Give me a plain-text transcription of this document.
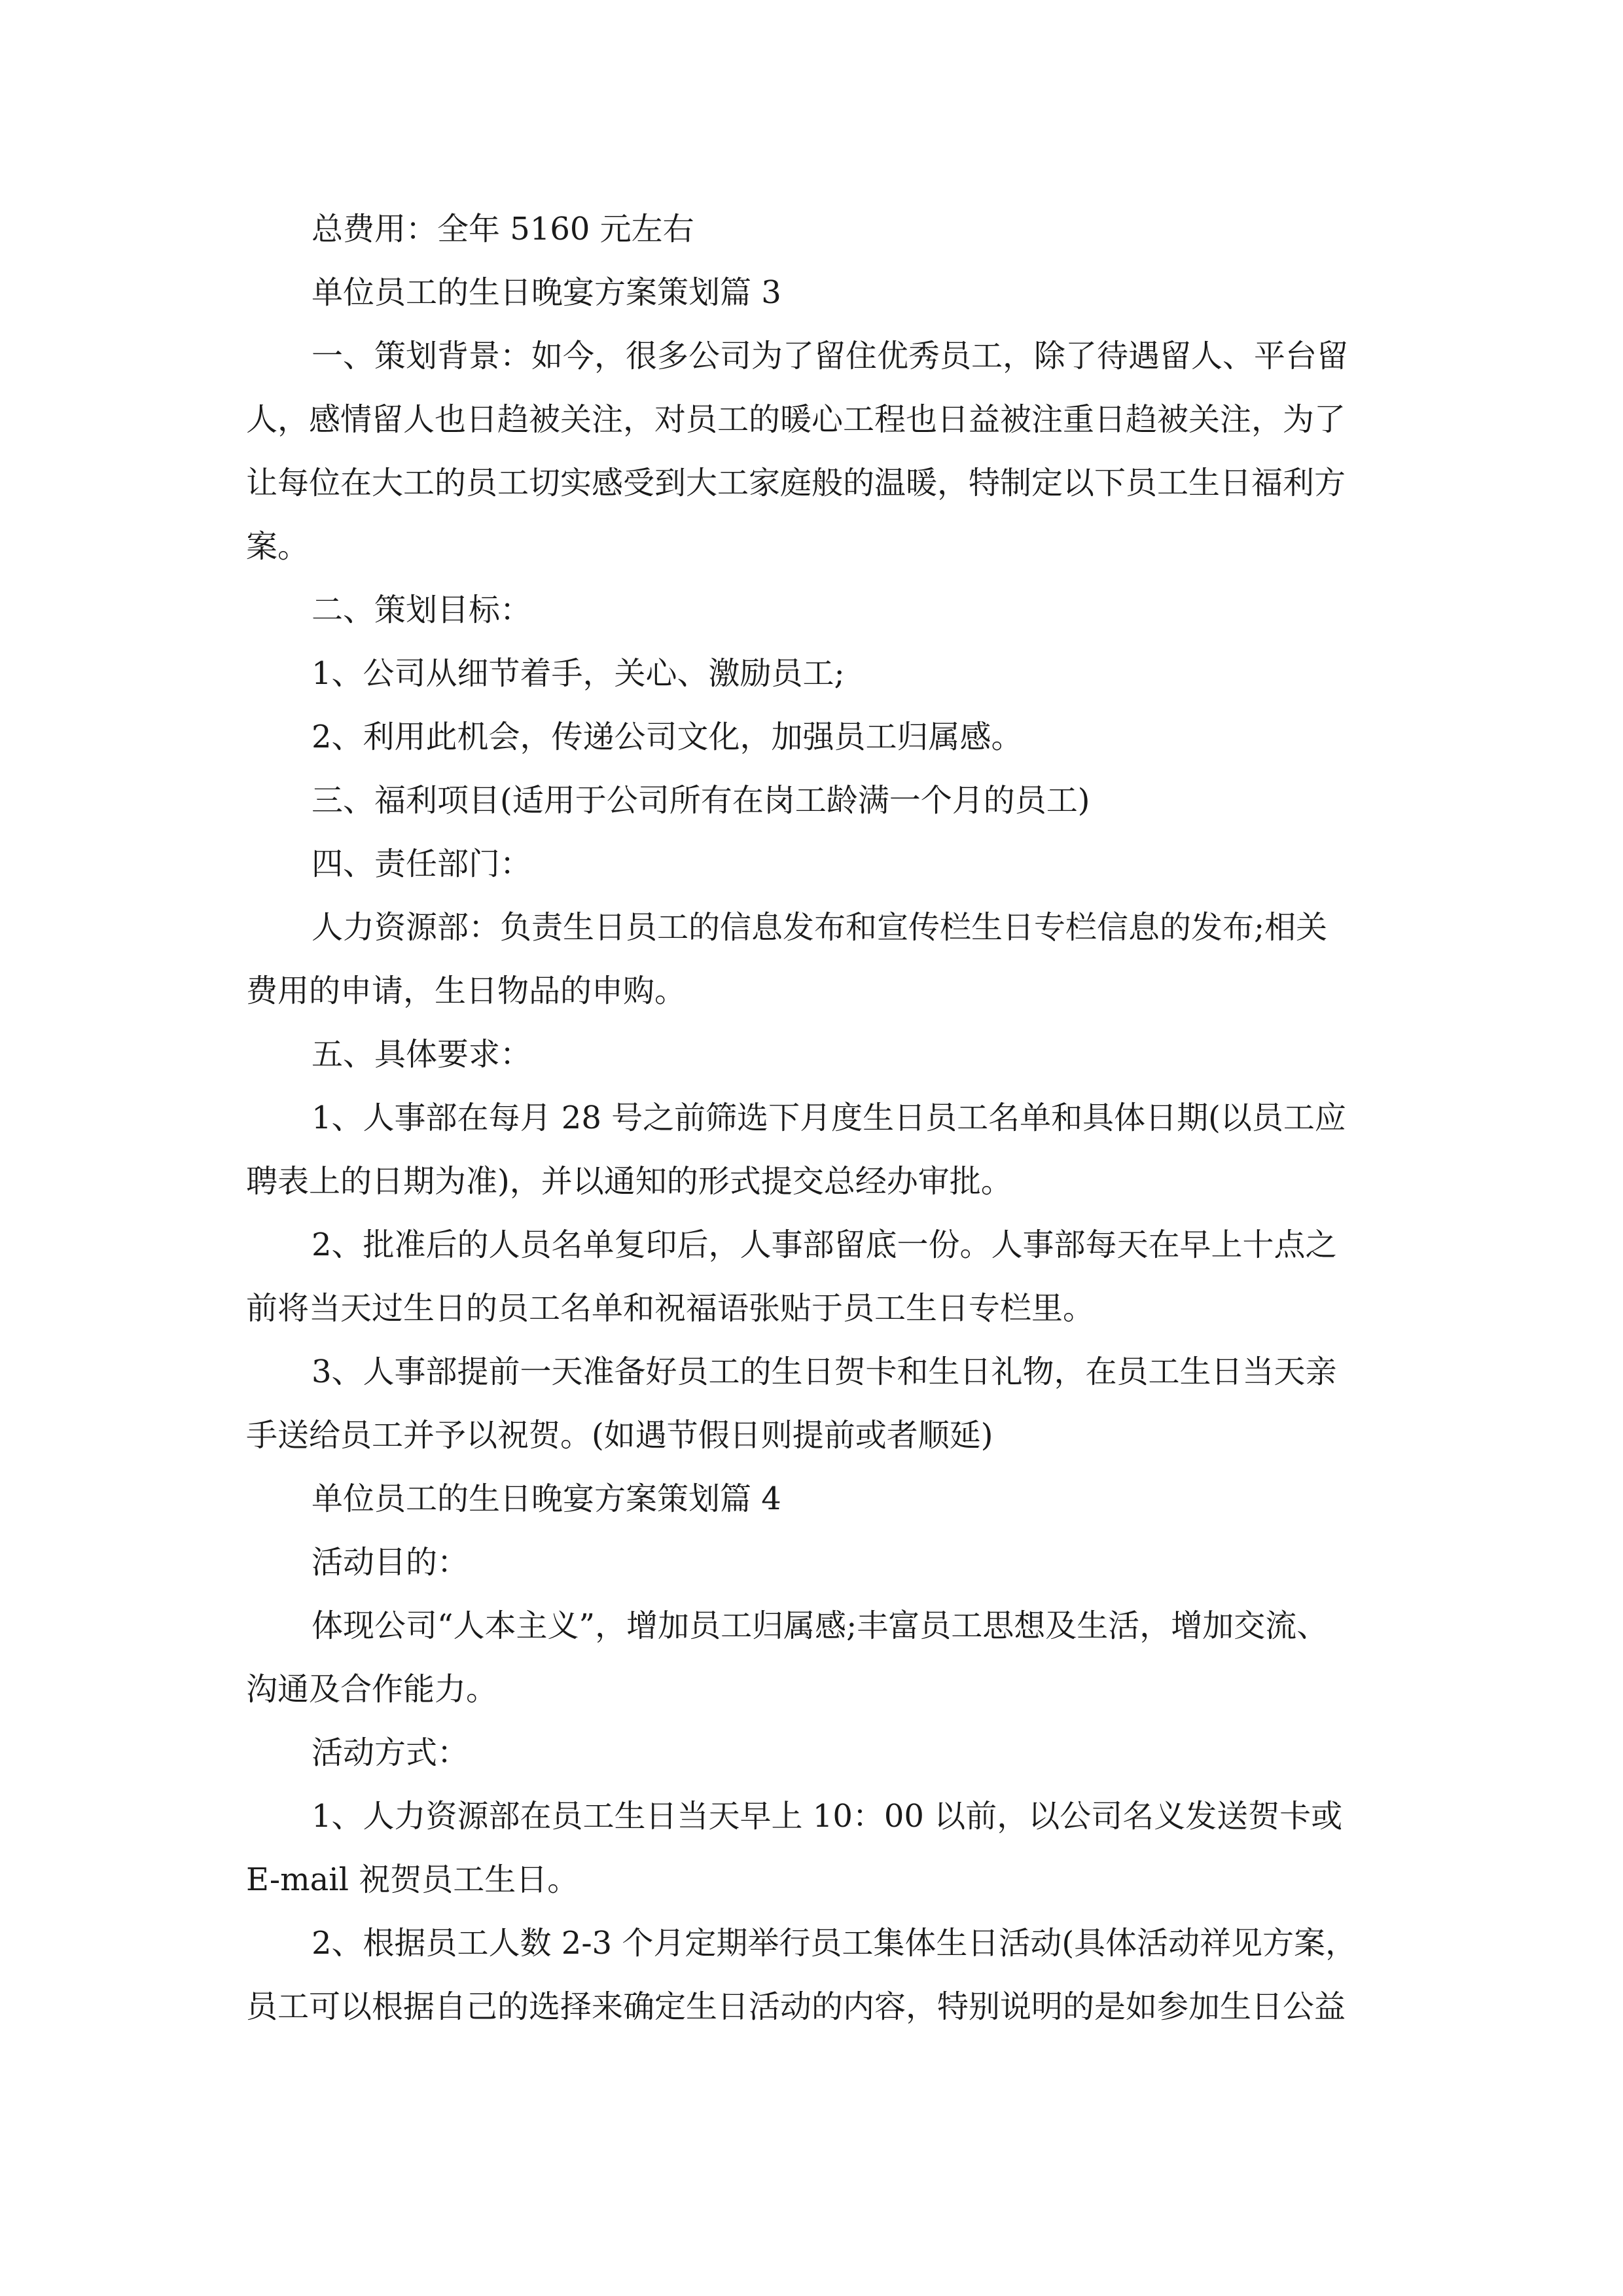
总费用：全年 5160 元左右
单位员工的生日晚宴方案策划篇 3
一、策划背景：如今，很多公司为了留住优秀员工，除了待遇留人、平台留
人，感情留人也日趋被关注，对员工的暖心工程也日益被注重日趋被关注，为了
让每位在大工的员工切实感受到大工家庭般的温暖，特制定以下员工生日福利方
案。
二、策划目标：
1、公司从细节着手，关心、激励员工;
2、利用此机会，传递公司文化，加强员工归属感。
三、福利项目(适用于公司所有在岗工龄满一个月的员工)
四、责任部门：
人力资源部：负责生日员工的信息发布和宣传栏生日专栏信息的发布;相关
费用的申请，生日物品的申购。
五、具体要求：
1、人事部在每月 28 号之前筛选下月度生日员工名单和具体日期(以员工应
聘表上的日期为准)，并以通知的形式提交总经办审批。
2、批准后的人员名单复印后，人事部留底一份。人事部每天在早上十点之
前将当天过生日的员工名单和祝福语张贴于员工生日专栏里。
3、人事部提前一天准备好员工的生日贺卡和生日礼物，在员工生日当天亲
手送给员工并予以祝贺。(如遇节假日则提前或者顺延)
单位员工的生日晚宴方案策划篇 4
活动目的：
体现公司“人本主义”，增加员工归属感;丰富员工思想及生活，增加交流、
沟通及合作能力。
活动方式：
1、人力资源部在员工生日当天早上 10：00 以前，以公司名义发送贺卡或
E-mail 祝贺员工生日。
2、根据员工人数 2-3 个月定期举行员工集体生日活动(具体活动祥见方案，
员工可以根据自己的选择来确定生日活动的内容，特别说明的是如参加生日公益
